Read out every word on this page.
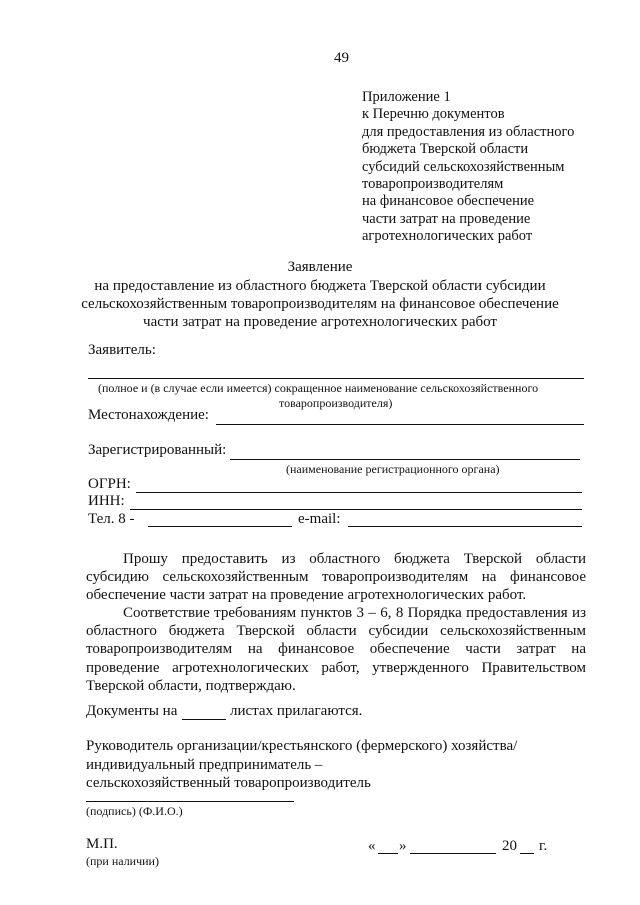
49
Приложение 1
к Перечню документов
для предоставления из областного
бюджета Тверской области
субсидий сельскохозяйственным
товаропроизводителям
на финансовое обеспечение
части затрат на проведение
агротехнологических работ
Заявление
на предоставление из областного бюджета Тверской области субсидии
сельскохозяйственным товаропроизводителям на финансовое обеспечение
части затрат на проведение агротехнологических работ
Заявитель:
(полное и (в случае если имеется) сокращенное наименование сельскохозяйственного
товаропроизводителя)
Местонахождение:
Зарегистрированный:
(наименование регистрационного органа)
ОГРН:
ИНН:
Тел. 8 -	e-mail:
Прошу предоставить из областного бюджета Тверской области
субсидию сельскохозяйственным товаропроизводителям на финансовое
обеспечение части затрат на проведение агротехнологических работ.
Соответствие требованиям пунктов 3 – 6, 8 Порядка предоставления из
областного бюджета Тверской области субсидии сельскохозяйственным
товаропроизводителям на финансовое обеспечение части затрат на
проведение агротехнологических работ, утвержденного Правительством
Тверской области, подтверждаю.
Документы на	листах прилагаются.
Руководитель организации/крестьянского (фермерского) хозяйства/
индивидуальный предприниматель –
сельскохозяйственный товаропроизводитель
(подпись) (Ф.И.О.)
М.П.
(при наличии)
« »	20 г.
